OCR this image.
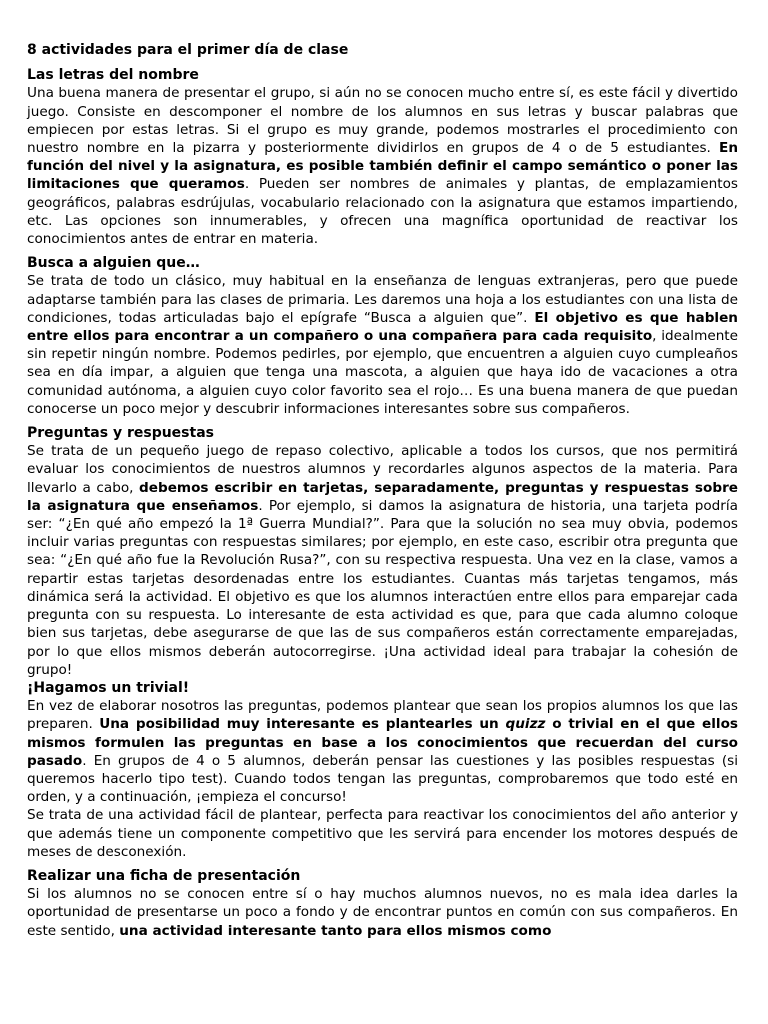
8 actividades para el primer día de clase
Las letras del nombre

Una buena manera de presentar el grupo, si aún no se conocen mucho entre sí, es este fácil y divertido juego. Consiste en descomponer el nombre de los alumnos en sus letras y buscar palabras que empiecen por estas letras. Si el grupo es muy grande, podemos mostrarles el procedimiento con nuestro nombre en la pizarra y posteriormente dividirlos en grupos de 4 o de 5 estudiantes. En función del nivel y la asignatura, es posible también definir el campo semántico o poner las limitaciones que queramos. Pueden ser nombres de animales y plantas, de emplazamientos geográficos, palabras esdrújulas, vocabulario relacionado con la asignatura que estamos impartiendo, etc. Las opciones son innumerables, y ofrecen una magnífica oportunidad de reactivar los conocimientos antes de entrar en materia.

Busca a alguien que…

Se trata de todo un clásico, muy habitual en la enseñanza de lenguas extranjeras, pero que puede adaptarse también para las clases de primaria. Les daremos una hoja a los estudiantes con una lista de condiciones, todas articuladas bajo el epígrafe “Busca a alguien que”. El objetivo es que hablen entre ellos para encontrar a un compañero o una compañera para cada requisito, idealmente sin repetir ningún nombre. Podemos pedirles, por ejemplo, que encuentren a alguien cuyo cumpleaños sea en día impar, a alguien que tenga una mascota, a alguien que haya ido de vacaciones a otra comunidad autónoma, a alguien cuyo color favorito sea el rojo… Es una buena manera de que puedan conocerse un poco mejor y descubrir informaciones interesantes sobre sus compañeros.

Preguntas y respuestas

Se trata de un pequeño juego de repaso colectivo, aplicable a todos los cursos, que nos permitirá evaluar los conocimientos de nuestros alumnos y recordarles algunos aspectos de la materia. Para llevarlo a cabo, debemos escribir en tarjetas, separadamente, preguntas y respuestas sobre la asignatura que enseñamos. Por ejemplo, si damos la asignatura de historia, una tarjeta podría ser: “¿En qué año empezó la 1ª Guerra Mundial?”. Para que la solución no sea muy obvia, podemos incluir varias preguntas con respuestas similares; por ejemplo, en este caso, escribir otra pregunta que sea: “¿En qué año fue la Revolución Rusa?”, con su respectiva respuesta. Una vez en la clase, vamos a repartir estas tarjetas desordenadas entre los estudiantes. Cuantas más tarjetas tengamos, más dinámica será la actividad. El objetivo es que los alumnos interactúen entre ellos para emparejar cada pregunta con su respuesta. Lo interesante de esta actividad es que, para que cada alumno coloque bien sus tarjetas, debe asegurarse de que las de sus compañeros están correctamente emparejadas, por lo que ellos mismos deberán autocorregirse. ¡Una actividad ideal para trabajar la cohesión de grupo!

¡Hagamos un trivial!

En vez de elaborar nosotros las preguntas, podemos plantear que sean los propios alumnos los que las preparen. Una posibilidad muy interesante es plantearles un quizz o trivial en el que ellos mismos formulen las preguntas en base a los conocimientos que recuerdan del curso pasado. En grupos de 4 o 5 alumnos, deberán pensar las cuestiones y las posibles respuestas (si queremos hacerlo tipo test). Cuando todos tengan las preguntas, comprobaremos que todo esté en orden, y a continuación, ¡empieza el concurso!

Se trata de una actividad fácil de plantear, perfecta para reactivar los conocimientos del año anterior y que además tiene un componente competitivo que les servirá para encender los motores después de meses de desconexión.

Realizar una ficha de presentación

Si los alumnos no se conocen entre sí o hay muchos alumnos nuevos, no es mala idea darles la oportunidad de presentarse un poco a fondo y de encontrar puntos en común con sus compañeros. En este sentido, una actividad interesante tanto para ellos mismos como
